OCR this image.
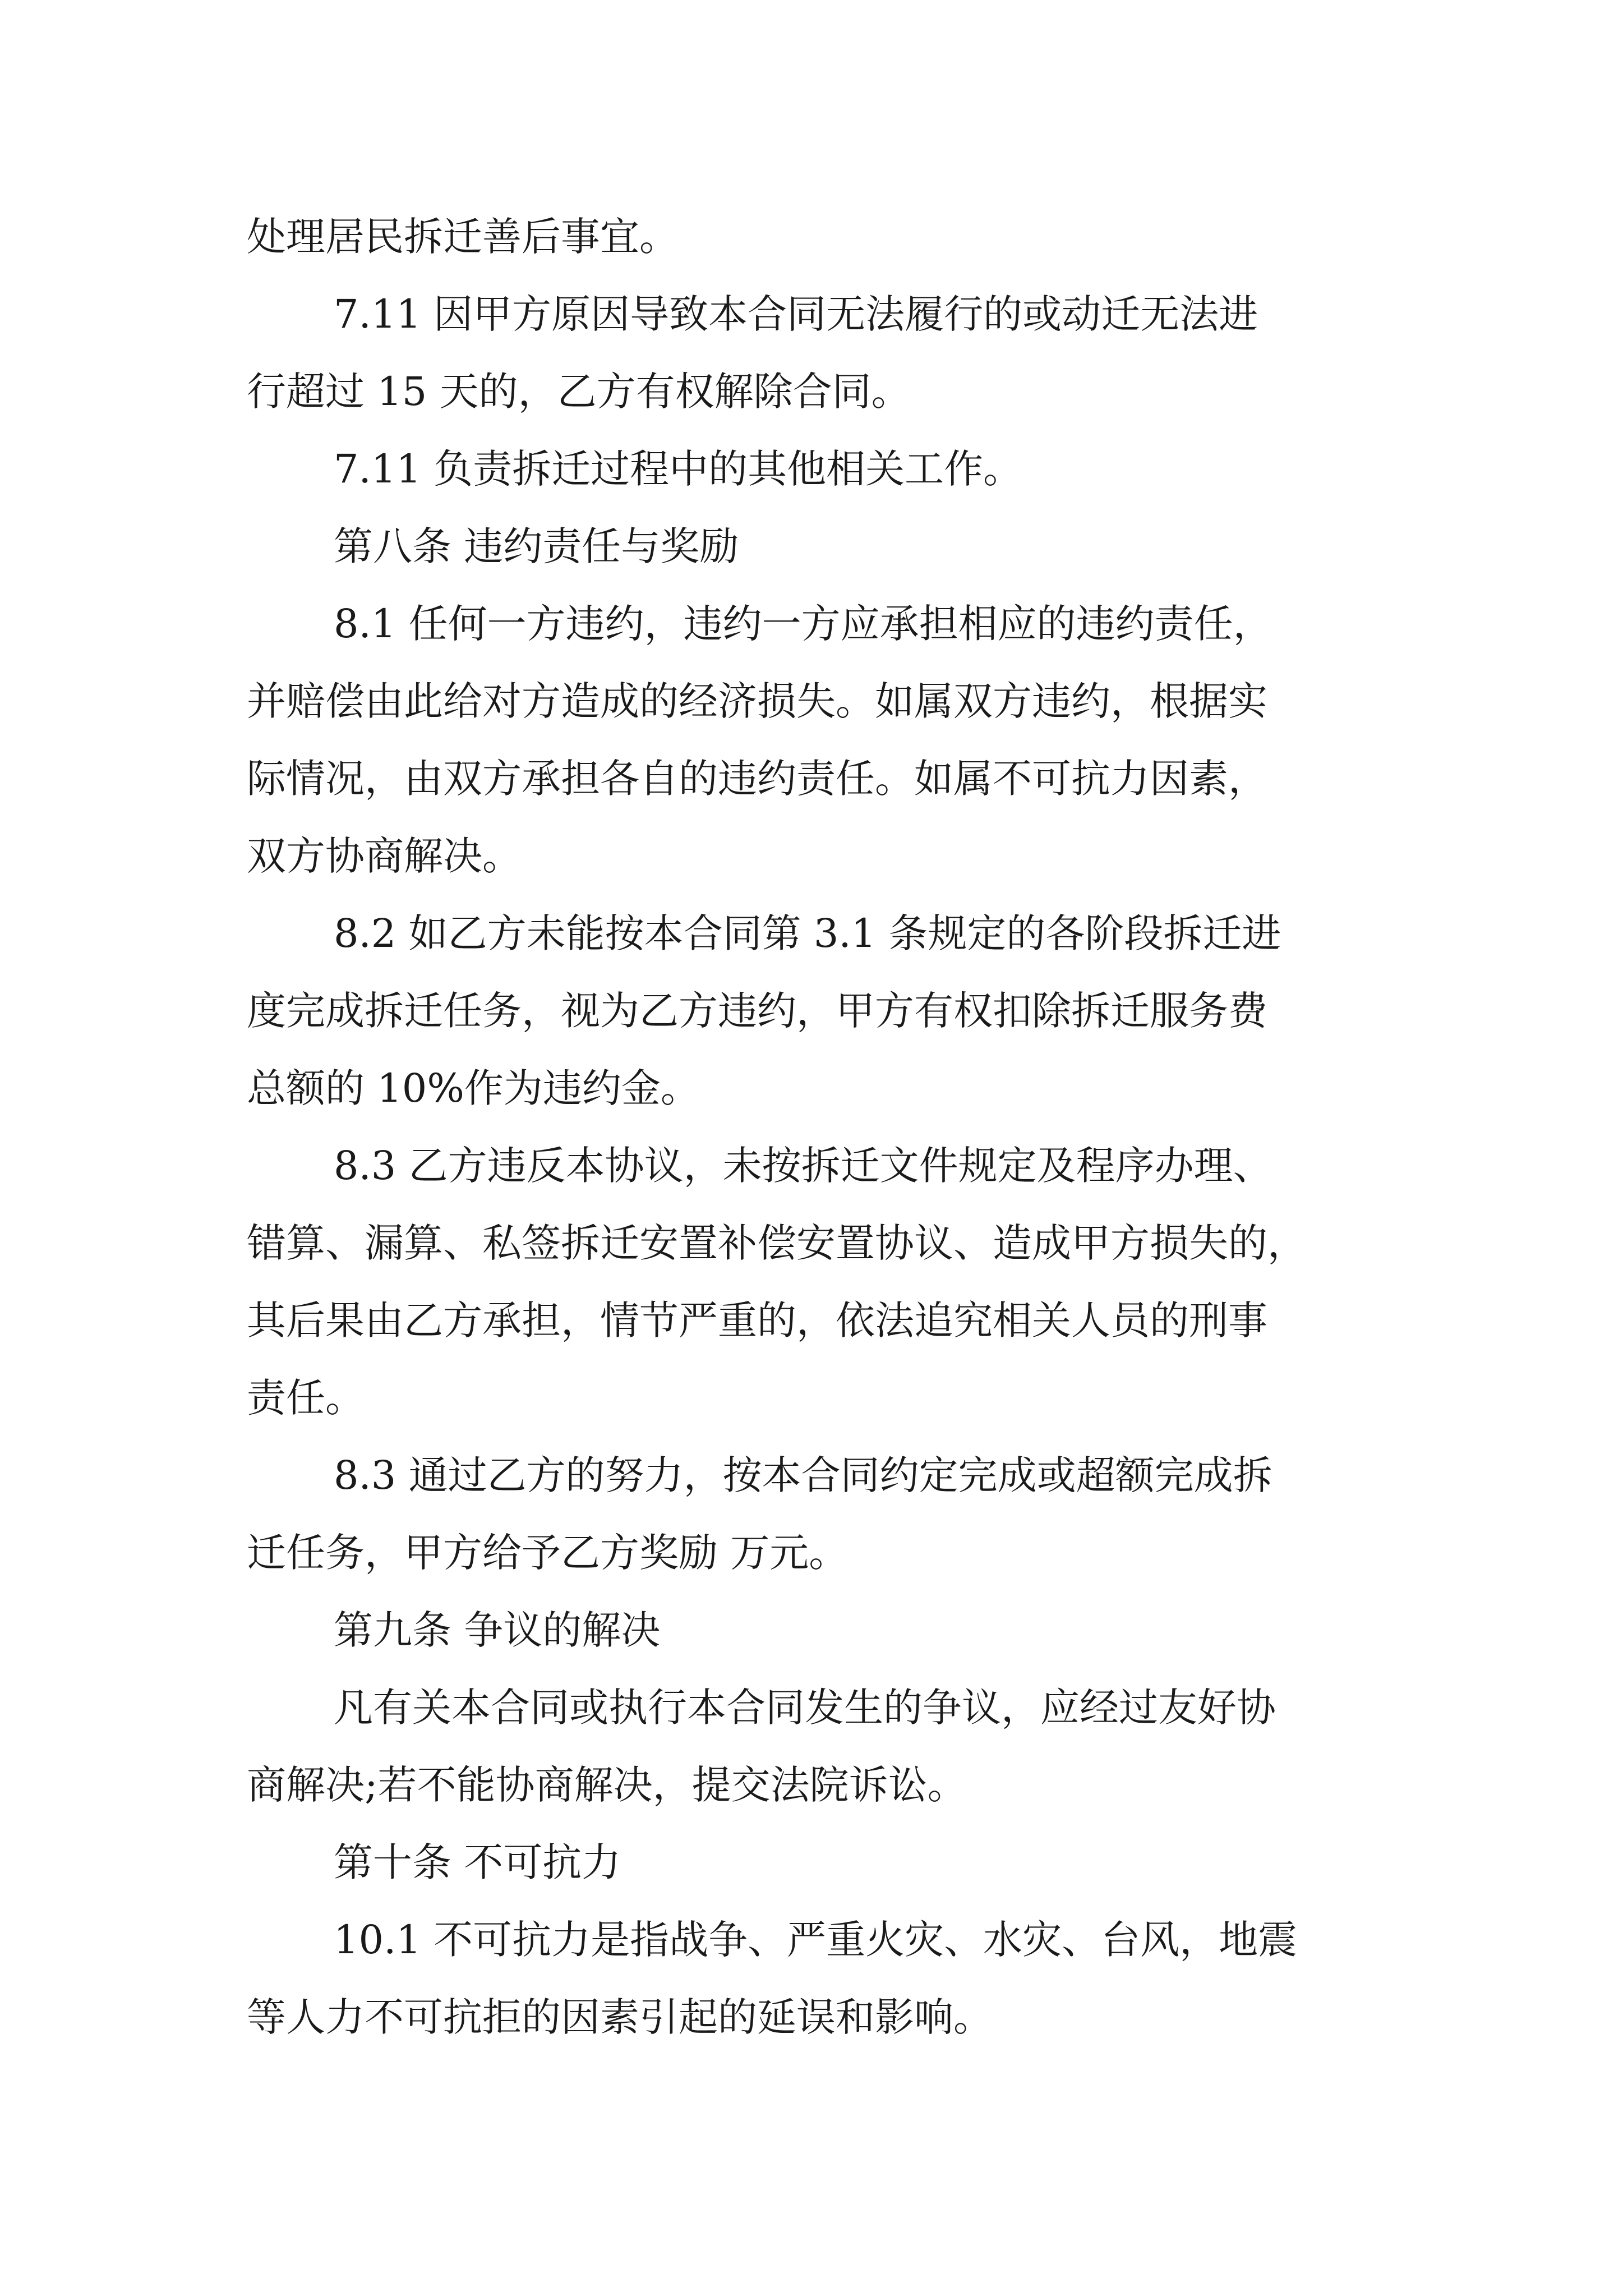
处理居民拆迁善后事宜。

7.11 因甲方原因导致本合同无法履行的或动迁无法进

行超过 15 天的，乙方有权解除合同。

7.11 负责拆迁过程中的其他相关工作。

第八条 违约责任与奖励

8.1 任何一方违约，违约一方应承担相应的违约责任，

并赔偿由此给对方造成的经济损失。如属双方违约，根据实

际情况，由双方承担各自的违约责任。如属不可抗力因素，

双方协商解决。

8.2 如乙方未能按本合同第 3.1 条规定的各阶段拆迁进

度完成拆迁任务，视为乙方违约，甲方有权扣除拆迁服务费

总额的 10%作为违约金。

8.3 乙方违反本协议，未按拆迁文件规定及程序办理、

错算、漏算、私签拆迁安置补偿安置协议、造成甲方损失的，

其后果由乙方承担，情节严重的，依法追究相关人员的刑事

责任。

8.3 通过乙方的努力，按本合同约定完成或超额完成拆

迁任务，甲方给予乙方奖励 万元。

第九条 争议的解决

凡有关本合同或执行本合同发生的争议，应经过友好协

商解决;若不能协商解决，提交法院诉讼。

第十条 不可抗力

10.1 不可抗力是指战争、严重火灾、水灾、台风，地震

等人力不可抗拒的因素引起的延误和影响。
